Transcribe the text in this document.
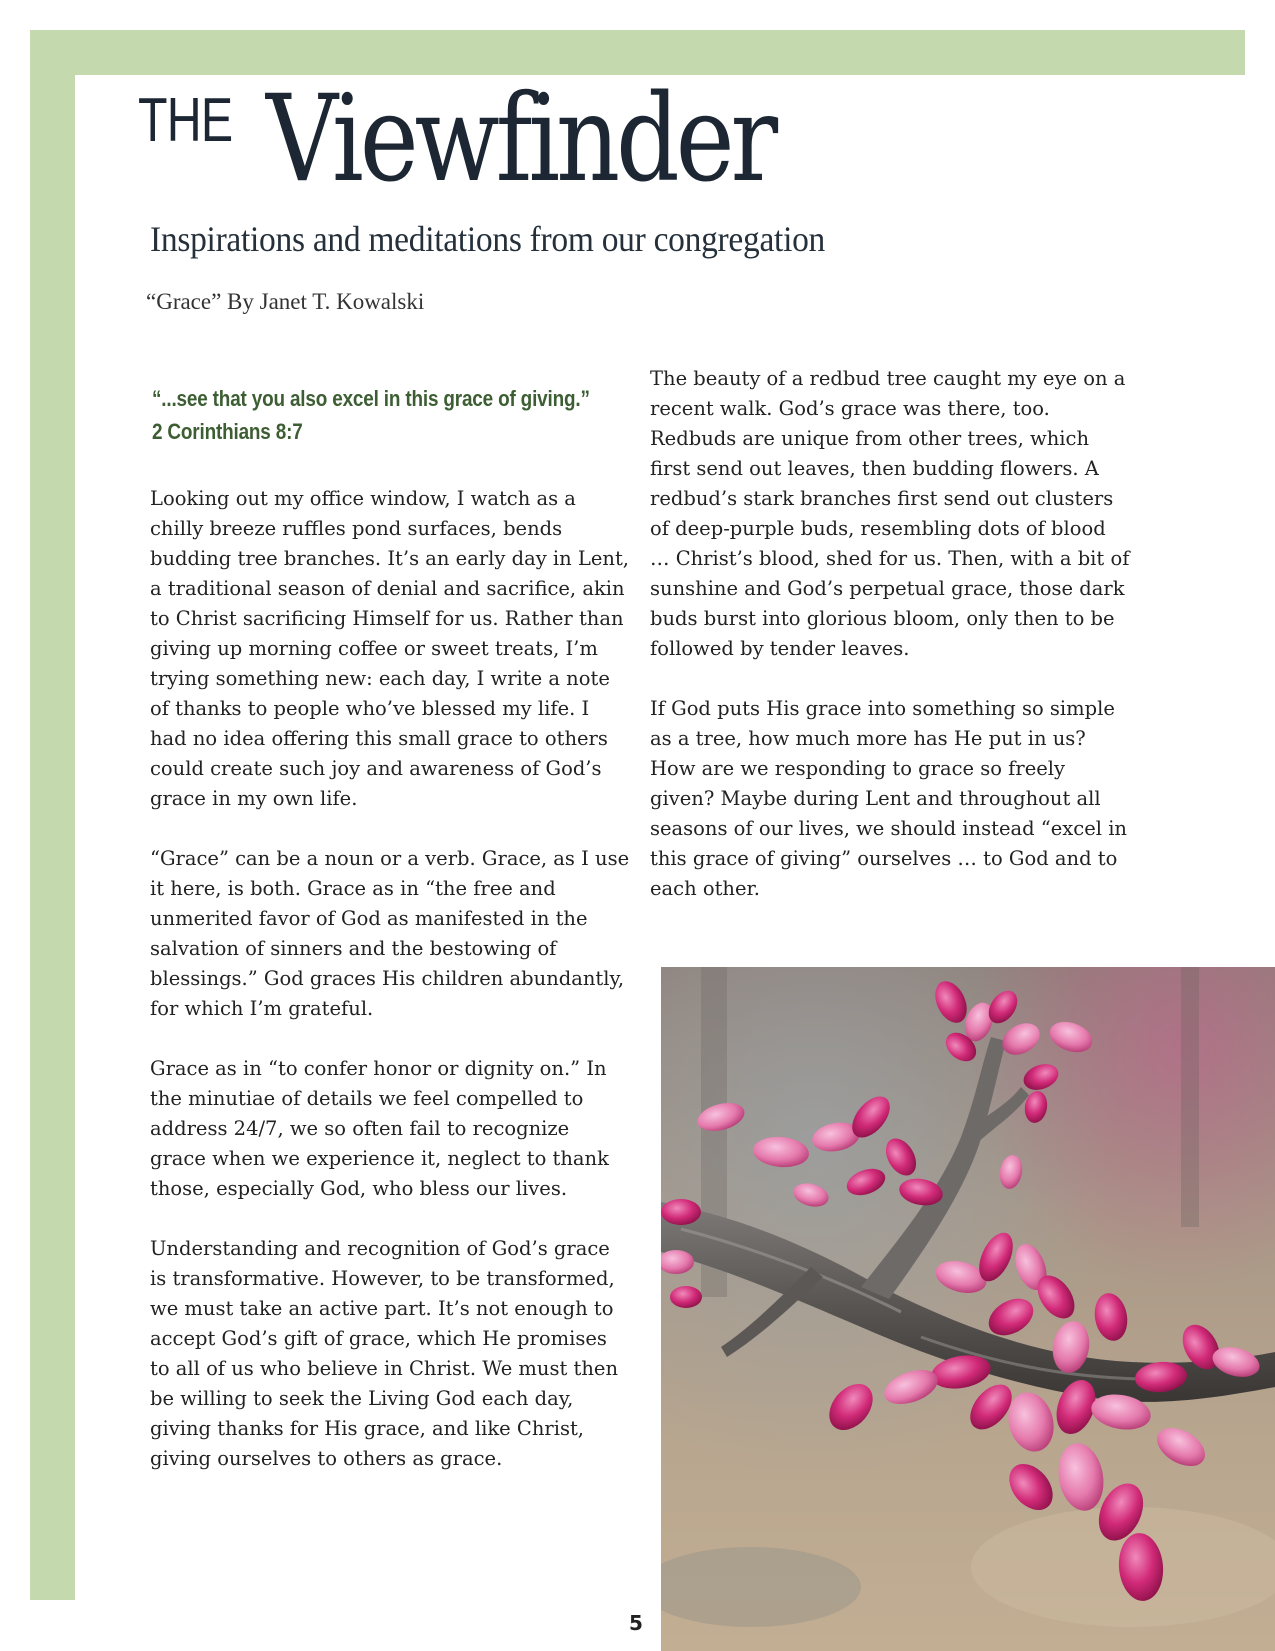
THE Viewfinder
Inspirations and meditations from our congregation
“Grace” By Janet T. Kowalski
“...see that you also excel in this grace of giving.”
2 Corinthians 8:7

Looking out my office window, I watch as a chilly breeze ruffles pond surfaces, bends budding tree branches. It’s an early day in Lent, a traditional season of denial and sacrifice, akin to Christ sacrificing Himself for us. Rather than giving up morning coffee or sweet treats, I’m trying something new: each day, I write a note of thanks to people who’ve blessed my life. I had no idea offering this small grace to others could create such joy and awareness of God’s grace in my own life.

“Grace” can be a noun or a verb. Grace, as I use it here, is both. Grace as in “the free and unmerited favor of God as manifested in the salvation of sinners and the bestowing of blessings.” God graces His children abundantly, for which I’m grateful.

Grace as in “to confer honor or dignity on.” In the minutiae of details we feel compelled to address 24/7, we so often fail to recognize grace when we experience it, neglect to thank those, especially God, who bless our lives.

Understanding and recognition of God’s grace is transformative. However, to be transformed, we must take an active part. It’s not enough to accept God’s gift of grace, which He promises to all of us who believe in Christ. We must then be willing to seek the Living God each day, giving thanks for His grace, and like Christ, giving ourselves to others as grace.

The beauty of a redbud tree caught my eye on a recent walk. God’s grace was there, too. Redbuds are unique from other trees, which first send out leaves, then budding flowers. A redbud’s stark branches first send out clusters of deep-purple buds, resembling dots of blood … Christ’s blood, shed for us. Then, with a bit of sunshine and God’s perpetual grace, those dark buds burst into glorious bloom, only then to be followed by tender leaves.

If God puts His grace into something so simple as a tree, how much more has He put in us? How are we responding to grace so freely given? Maybe during Lent and throughout all seasons of our lives, we should instead “excel in this grace of giving” ourselves … to God and to each other.

5
